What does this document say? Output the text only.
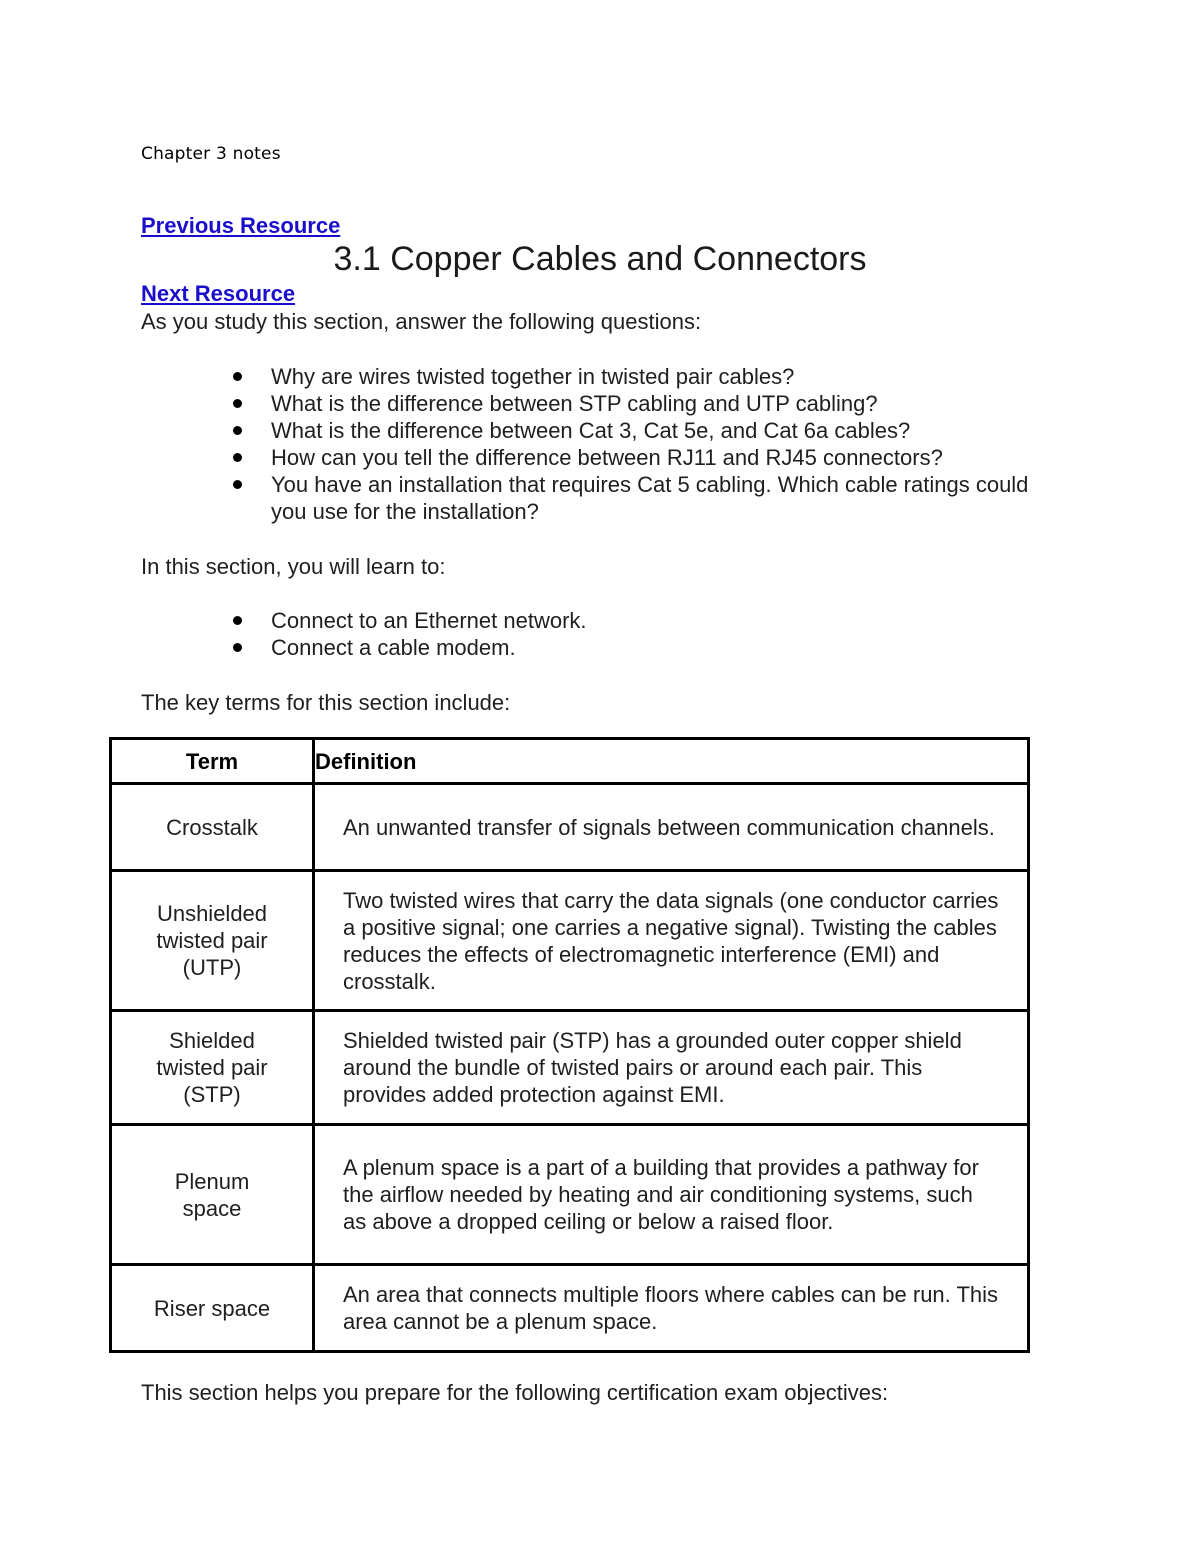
Chapter 3 notes
Previous Resource
3.1 Copper Cables and Connectors
Next Resource
As you study this section, answer the following questions:
Why are wires twisted together in twisted pair cables?
What is the difference between STP cabling and UTP cabling?
What is the difference between Cat 3, Cat 5e, and Cat 6a cables?
How can you tell the difference between RJ11 and RJ45 connectors?
You have an installation that requires Cat 5 cabling. Which cable ratings could you use for the installation?
In this section, you will learn to:
Connect to an Ethernet network.
Connect a cable modem.
The key terms for this section include:
Term	Definition
Crosstalk	An unwanted transfer of signals between communication channels.
Unshielded twisted pair (UTP)	Two twisted wires that carry the data signals (one conductor carries a positive signal; one carries a negative signal). Twisting the cables reduces the effects of electromagnetic interference (EMI) and crosstalk.
Shielded twisted pair (STP)	Shielded twisted pair (STP) has a grounded outer copper shield around the bundle of twisted pairs or around each pair. This provides added protection against EMI.
Plenum space	A plenum space is a part of a building that provides a pathway for the airflow needed by heating and air conditioning systems, such as above a dropped ceiling or below a raised floor.
Riser space	An area that connects multiple floors where cables can be run. This area cannot be a plenum space.
This section helps you prepare for the following certification exam objectives:
